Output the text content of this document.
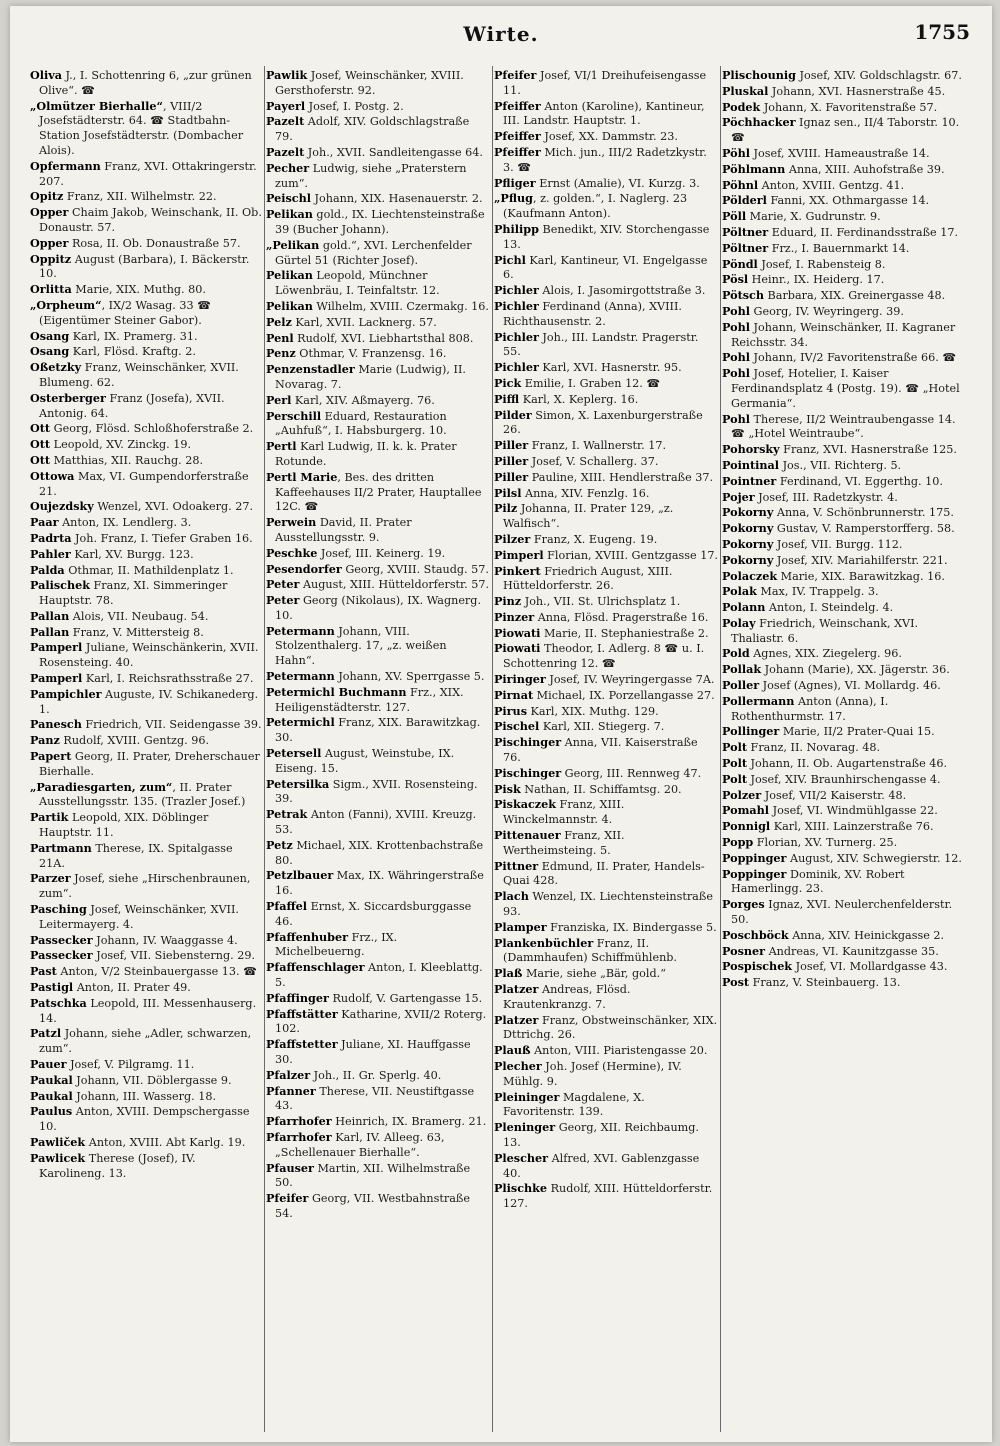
Wirte.	1755

Oliva J., I. Schottenring 6, „zur grünen Olive“. ☎

„Olmützer Bierhalle“, VIII/2 Josefstädterstr. 64. ☎ Stadtbahn-Station Josefstädterstr. (Dombacher Alois).

Opfermann Franz, XVI. Ottakringerstr. 207.

Opitz Franz, XII. Wilhelmstr. 22.

Opper Chaim Jakob, Weinschank, II. Ob. Donaustr. 57.

Opper Rosa, II. Ob. Donaustraße 57.

Oppitz August (Barbara), I. Bäckerstr. 10.

Orlitta Marie, XIX. Muthg. 80.

„Orpheum“, IX/2 Wasag. 33 ☎ (Eigentümer Steiner Gabor).

Osang Karl, IX. Pramerg. 31.

Osang Karl, Flösd. Kraftg. 2.

Oßetzky Franz, Weinschänker, XVII. Blumeng. 62.

Osterberger Franz (Josefa), XVII. Antonig. 64.

Ott Georg, Flösd. Schloßhoferstraße 2.

Ott Leopold, XV. Zinckg. 19.

Ott Matthias, XII. Rauchg. 28.

Ottowa Max, VI. Gumpendorferstraße 21.

Oujezdsky Wenzel, XVI. Odoakerg. 27.

Paar Anton, IX. Lendlerg. 3.

Padrta Joh. Franz, I. Tiefer Graben 16.

Pahler Karl, XV. Burgg. 123.

Palda Othmar, II. Mathildenplatz 1.

Palischek Franz, XI. Simmeringer Hauptstr. 78.

Pallan Alois, VII. Neubaug. 54.

Pallan Franz, V. Mittersteig 8.

Pamperl Juliane, Weinschänkerin, XVII. Rosensteing. 40.

Pamperl Karl, I. Reichsrathsstraße 27.

Pampichler Auguste, IV. Schikanederg. 1.

Panesch Friedrich, VII. Seidengasse 39.

Panz Rudolf, XVIII. Gentzg. 96.

Papert Georg, II. Prater, Dreherschauer Bierhalle.

„Paradiesgarten, zum“, II. Prater Ausstellungsstr. 135. (Trazler Josef.)

Partik Leopold, XIX. Döblinger Hauptstr. 11.

Partmann Therese, IX. Spitalgasse 21A.

Parzer Josef, siehe „Hirschenbraunen, zum“.

Pasching Josef, Weinschänker, XVII. Leitermayerg. 4.

Passecker Johann, IV. Waaggasse 4.

Passecker Josef, VII. Siebensterng. 29.

Past Anton, V/2 Steinbauergasse 13. ☎

Pastigl Anton, II. Prater 49.

Patschka Leopold, III. Messenhauserg. 14.

Patzl Johann, siehe „Adler, schwarzen, zum“.

Pauer Josef, V. Pilgramg. 11.

Paukal Johann, VII. Döblergasse 9.

Paukal Johann, III. Wasserg. 18.

Paulus Anton, XVIII. Dempschergasse 10.

Pawliček Anton, XVIII. Abt Karlg. 19.

Pawlicek Therese (Josef), IV. Karolineng. 13.

Pawlik Josef, Weinschänker, XVIII. Gersthoferstr. 92.

Payerl Josef, I. Postg. 2.

Pazelt Adolf, XIV. Goldschlagstraße 79.

Pazelt Joh., XVII. Sandleitengasse 64.

Pecher Ludwig, siehe „Praterstern zum“.

Peischl Johann, XIX. Hasenauerstr. 2.

Pelikan gold., IX. Liechtensteinstraße 39 (Bucher Johann).

„Pelikan gold.“, XVI. Lerchenfelder Gürtel 51 (Richter Josef).

Pelikan Leopold, Münchner Löwenbräu, I. Teinfaltstr. 12.

Pelikan Wilhelm, XVIII. Czermakg. 16.

Pelz Karl, XVII. Lacknerg. 57.

Penl Rudolf, XVI. Liebhartsthal 808.

Penz Othmar, V. Franzensg. 16.

Penzenstadler Marie (Ludwig), II. Novarag. 7.

Perl Karl, XIV. Aßmayerg. 76.

Perschill Eduard, Restauration „Auhfuß“, I. Habsburgerg. 10.

Pertl Karl Ludwig, II. k. k. Prater Rotunde.

Pertl Marie, Bes. des dritten Kaffeehauses II/2 Prater, Hauptallee 12C. ☎

Perwein David, II. Prater Ausstellungsstr. 9.

Peschke Josef, III. Keinerg. 19.

Pesendorfer Georg, XVIII. Staudg. 57.

Peter August, XIII. Hütteldorferstr. 57.

Peter Georg (Nikolaus), IX. Wagnerg. 10.

Petermann Johann, VIII. Stolzenthalerg. 17, „z. weißen Hahn“.

Petermann Johann, XV. Sperrgasse 5.

Petermichl Buchmann Frz., XIX. Heiligenstädterstr. 127.

Petermichl Franz, XIX. Barawitzkag. 30.

Petersell August, Weinstube, IX. Eiseng. 15.

Petersilka Sigm., XVII. Rosensteing. 39.

Petrak Anton (Fanni), XVIII. Kreuzg. 53.

Petz Michael, XIX. Krottenbachstraße 80.

Petzlbauer Max, IX. Währingerstraße 16.

Pfaffel Ernst, X. Siccardsburggasse 46.

Pfaffenhuber Frz., IX. Michelbeuerng.

Pfaffenschlager Anton, I. Kleeblattg. 5.

Pfaffinger Rudolf, V. Gartengasse 15.

Pfaffstätter Katharine, XVII/2 Roterg. 102.

Pfaffstetter Juliane, XI. Hauffgasse 30.

Pfalzer Joh., II. Gr. Sperlg. 40.

Pfanner Therese, VII. Neustiftgasse 43.

Pfarrhofer Heinrich, IX. Bramerg. 21.

Pfarrhofer Karl, IV. Alleeg. 63, „Schellenauer Bierhalle“.

Pfauser Martin, XII. Wilhelmstraße 50.

Pfeifer Georg, VII. Westbahnstraße 54.

Pfeifer Josef, VI/1 Dreihufeisengasse 11.

Pfeiffer Anton (Karoline), Kantineur, III. Landstr. Hauptstr. 1.

Pfeiffer Josef, XX. Dammstr. 23.

Pfeiffer Mich. jun., III/2 Radetzkystr. 3. ☎

Pfliger Ernst (Amalie), VI. Kurzg. 3.

„Pflug, z. golden.“, I. Naglerg. 23 (Kaufmann Anton).

Philipp Benedikt, XIV. Storchengasse 13.

Pichl Karl, Kantineur, VI. Engelgasse 6.

Pichler Alois, I. Jasomirgottstraße 3.

Pichler Ferdinand (Anna), XVIII. Richthausenstr. 2.

Pichler Joh., III. Landstr. Pragerstr. 55.

Pichler Karl, XVI. Hasnerstr. 95.

Pick Emilie, I. Graben 12. ☎

Piffl Karl, X. Keplerg. 16.

Pilder Simon, X. Laxenburgerstraße 26.

Piller Franz, I. Wallnerstr. 17.

Piller Josef, V. Schallerg. 37.

Piller Pauline, XIII. Hendlerstraße 37.

Pilsl Anna, XIV. Fenzlg. 16.

Pilz Johanna, II. Prater 129, „z. Walfisch“.

Pilzer Franz, X. Eugeng. 19.

Pimperl Florian, XVIII. Gentzgasse 17.

Pinkert Friedrich August, XIII. Hütteldorferstr. 26.

Pinz Joh., VII. St. Ulrichsplatz 1.

Pinzer Anna, Flösd. Pragerstraße 16.

Piowati Marie, II. Stephaniestraße 2.

Piowati Theodor, I. Adlerg. 8 ☎ u. I. Schottenring 12. ☎

Piringer Josef, IV. Weyringergasse 7A.

Pirnat Michael, IX. Porzellangasse 27.

Pirus Karl, XIX. Muthg. 129.

Pischel Karl, XII. Stiegerg. 7.

Pischinger Anna, VII. Kaiserstraße 76.

Pischinger Georg, III. Rennweg 47.

Pisk Nathan, II. Schiffamtsg. 20.

Piskaczek Franz, XIII. Winckelmannstr. 4.

Pittenauer Franz, XII. Wertheimsteing. 5.

Pittner Edmund, II. Prater, Handels-Quai 428.

Plach Wenzel, IX. Liechtensteinstraße 93.

Plamper Franziska, IX. Bindergasse 5.

Plankenbüchler Franz, II. (Dammhaufen) Schiffmühlenb.

Plaß Marie, siehe „Bär, gold.“

Platzer Andreas, Flösd. Krautenkranzg. 7.

Platzer Franz, Obstweinschänker, XIX. Dttrichg. 26.

Plauß Anton, VIII. Piaristengasse 20.

Plecher Joh. Josef (Hermine), IV. Mühlg. 9.

Pleininger Magdalene, X. Favoritenstr. 139.

Pleninger Georg, XII. Reichbaumg. 13.

Plescher Alfred, XVI. Gablenzgasse 40.

Plischke Rudolf, XIII. Hütteldorferstr. 127.

Plischounig Josef, XIV. Goldschlagstr. 67.

Pluskal Johann, XVI. Hasnerstraße 45.

Podek Johann, X. Favoritenstraße 57.

Pöchhacker Ignaz sen., II/4 Taborstr. 10. ☎

Pöhl Josef, XVIII. Hameaustraße 14.

Pöhlmann Anna, XIII. Auhofstraße 39.

Pöhnl Anton, XVIII. Gentzg. 41.

Pölderl Fanni, XX. Othmargasse 14.

Pöll Marie, X. Gudrunstr. 9.

Pöltner Eduard, II. Ferdinandsstraße 17.

Pöltner Frz., I. Bauernmarkt 14.

Pöndl Josef, I. Rabensteig 8.

Pösl Heinr., IX. Heiderg. 17.

Pötsch Barbara, XIX. Greinergasse 48.

Pohl Georg, IV. Weyringerg. 39.

Pohl Johann, Weinschänker, II. Kagraner Reichsstr. 34.

Pohl Johann, IV/2 Favoritenstraße 66. ☎

Pohl Josef, Hotelier, I. Kaiser Ferdinandsplatz 4 (Postg. 19). ☎ „Hotel Germania“.

Pohl Therese, II/2 Weintraubengasse 14. ☎ „Hotel Weintraube“.

Pohorsky Franz, XVI. Hasnerstraße 125.

Pointinal Jos., VII. Richterg. 5.

Pointner Ferdinand, VI. Eggerthg. 10.

Pojer Josef, III. Radetzkystr. 4.

Pokorny Anna, V. Schönbrunnerstr. 175.

Pokorny Gustav, V. Ramperstorfferg. 58.

Pokorny Josef, VII. Burgg. 112.

Pokorny Josef, XIV. Mariahilferstr. 221.

Polaczek Marie, XIX. Barawitzkag. 16.

Polak Max, IV. Trappelg. 3.

Polann Anton, I. Steindelg. 4.

Polay Friedrich, Weinschank, XVI. Thaliastr. 6.

Pold Agnes, XIX. Ziegelerg. 96.

Pollak Johann (Marie), XX. Jägerstr. 36.

Poller Josef (Agnes), VI. Mollardg. 46.

Pollermann Anton (Anna), I. Rothenthurmstr. 17.

Pollinger Marie, II/2 Prater-Quai 15.

Polt Franz, II. Novarag. 48.

Polt Johann, II. Ob. Augartenstraße 46.

Polt Josef, XIV. Braunhirschengasse 4.

Polzer Josef, VII/2 Kaiserstr. 48.

Pomahl Josef, VI. Windmühlgasse 22.

Ponnigl Karl, XIII. Lainzerstraße 76.

Popp Florian, XV. Turnerg. 25.

Poppinger August, XIV. Schwegierstr. 12.

Poppinger Dominik, XV. Robert Hamerlingg. 23.

Porges Ignaz, XVI. Neulerchenfelderstr. 50.

Poschböck Anna, XIV. Heinickgasse 2.

Posner Andreas, VI. Kaunitzgasse 35.

Pospischek Josef, VI. Mollardgasse 43.

Post Franz, V. Steinbauerg. 13.
